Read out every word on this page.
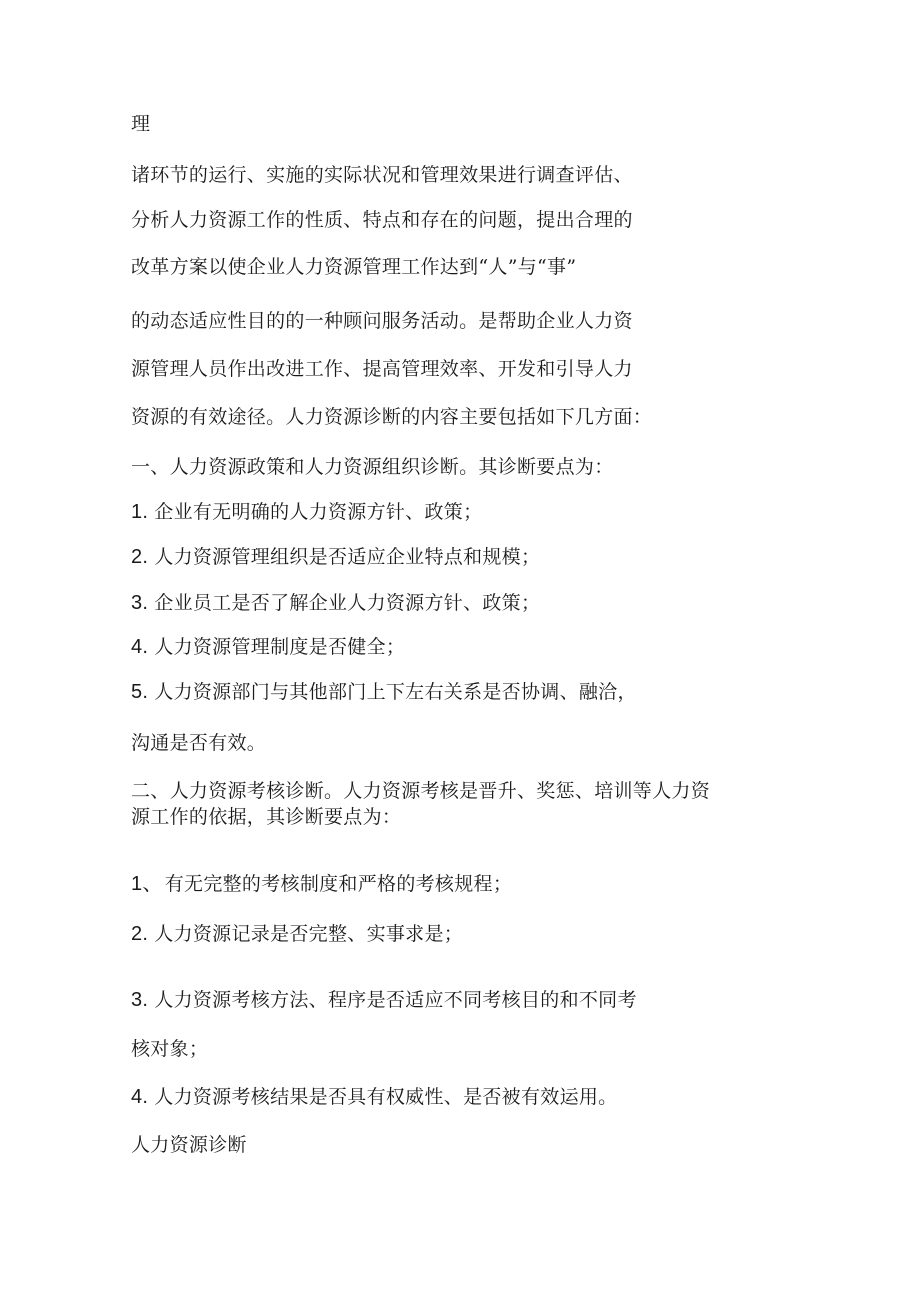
理
诸环节的运行、实施的实际状况和管理效果进行调查评估、
分析人力资源工作的性质、特点和存在的问题，提出合理的
改革方案以使企业人力资源管理工作达到“人”与“事”
的动态适应性目的的一种顾问服务活动。是帮助企业人力资
源管理人员作出改进工作、提高管理效率、开发和引导人力
资源的有效途径。人力资源诊断的内容主要包括如下几方面：
一、人力资源政策和人力资源组织诊断。其诊断要点为：
1. 企业有无明确的人力资源方针、政策；
2. 人力资源管理组织是否适应企业特点和规模；
3. 企业员工是否了解企业人力资源方针、政策；
4. 人力资源管理制度是否健全；
5. 人力资源部门与其他部门上下左右关系是否协调、融洽，
沟通是否有效。
二、人力资源考核诊断。人力资源考核是晋升、奖惩、培训等人力资
源工作的依据，其诊断要点为：
1、 有无完整的考核制度和严格的考核规程；
2. 人力资源记录是否完整、实事求是；
3. 人力资源考核方法、程序是否适应不同考核目的和不同考
核对象；
4. 人力资源考核结果是否具有权威性、是否被有效运用。
人力资源诊断
